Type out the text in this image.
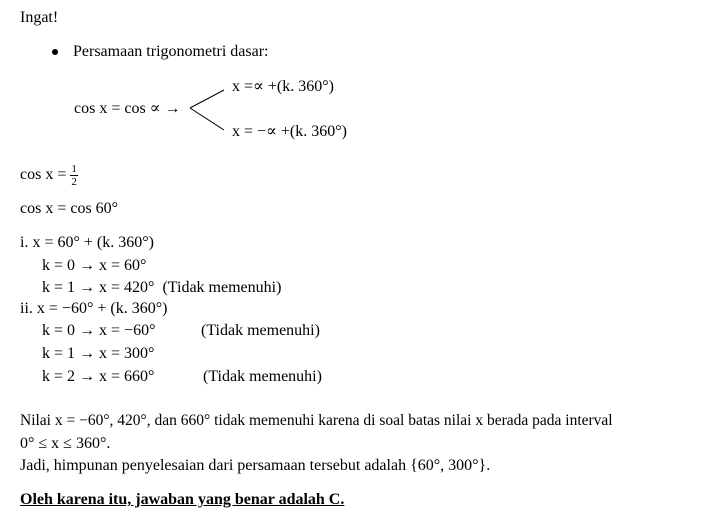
Ingat!
Persamaan trigonometri dasar:
cos x = cos ∝ →
x =∝ +(k. 360°)
x = −∝ +(k. 360°)
$\cos x = \frac{1}{2}$
cos x = cos 60°
i. x = 60° + (k. 360°)
k = 0 → x = 60°
k = 1 → x = 420° (Tidak memenuhi)
ii. x = −60° + (k. 360°)
k = 0 → x = −60°	(Tidak memenuhi)
k = 1 → x = 300°
k = 2 → x = 660°	(Tidak memenuhi)
Nilai x = −60°, 420°, dan 660° tidak memenuhi karena di soal batas nilai x berada pada interval
0° ≤ x ≤ 360°.
Jadi, himpunan penyelesaian dari persamaan tersebut adalah {60°, 300°}.
Oleh karena itu, jawaban yang benar adalah C.
